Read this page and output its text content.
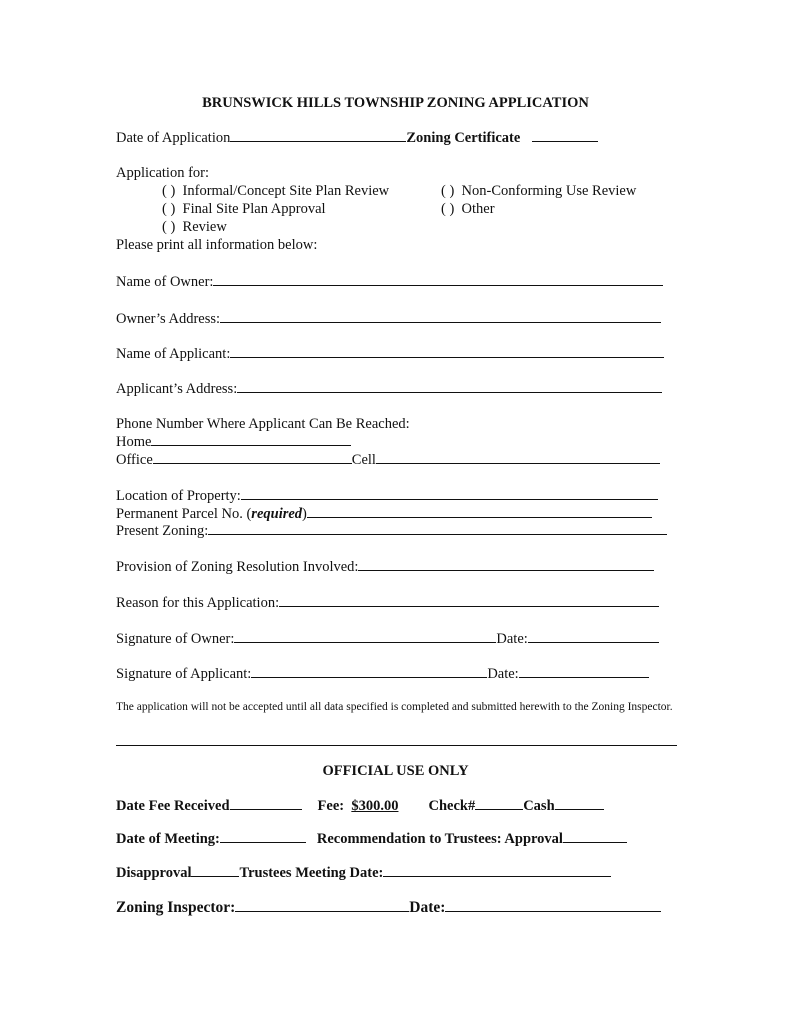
BRUNSWICK HILLS TOWNSHIP ZONING APPLICATION
Date of Application	Zoning Certificate
Application for:
( ) Informal/Concept Site Plan Review	( ) Non-Conforming Use Review
( ) Final Site Plan Approval	( ) Other
( ) Review
Please print all information below:
Name of Owner:
Owner’s Address:
Name of Applicant:
Applicant’s Address:
Phone Number Where Applicant Can Be Reached:
Home
Office	Cell
Location of Property:
Permanent Parcel No. (required)
Present Zoning:
Provision of Zoning Resolution Involved:
Reason for this Application:
Signature of Owner:	Date:
Signature of Applicant:	Date:
The application will not be accepted until all data specified is completed and submitted herewith to the Zoning Inspector.
OFFICIAL USE ONLY
Date Fee Received	Fee: $300.00 Check#	Cash
Date of Meeting:	Recommendation to Trustees: Approval
Disapproval	Trustees Meeting Date:
Zoning Inspector:	Date:
